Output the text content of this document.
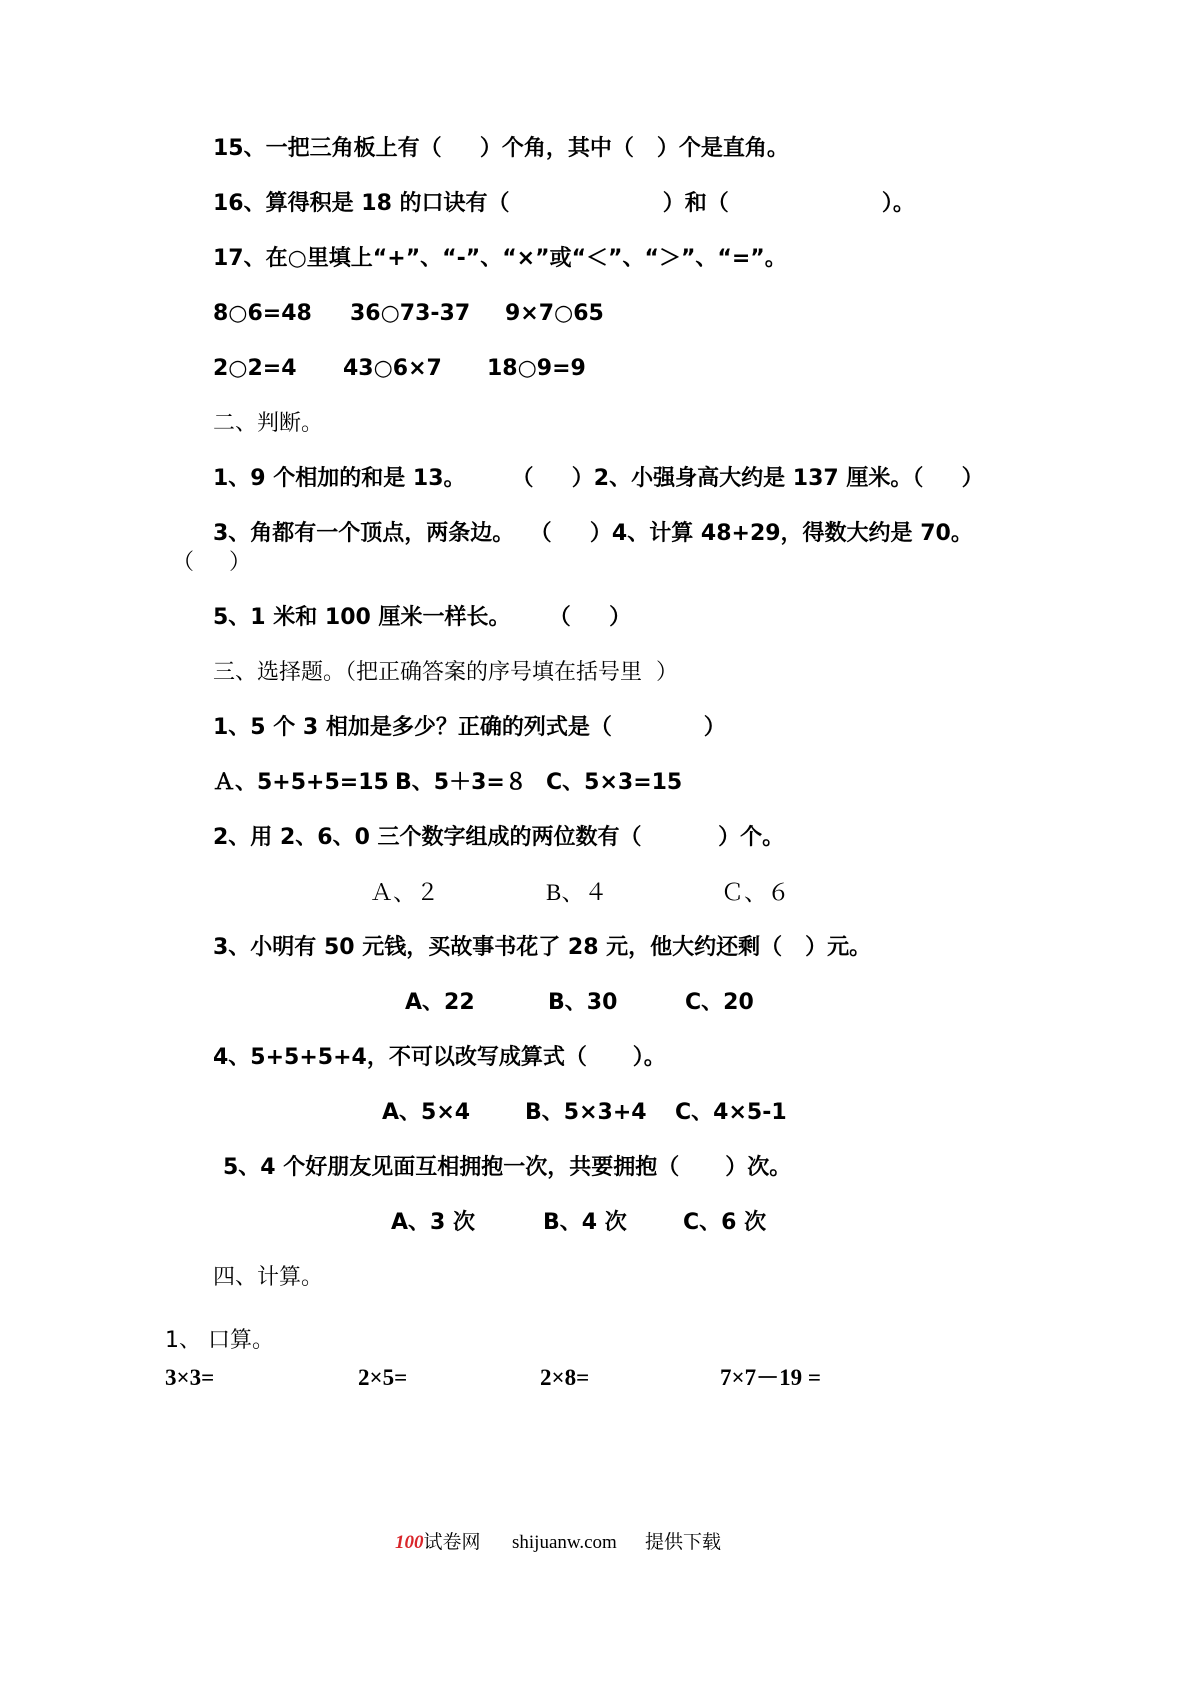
15、一把三角板上有（     ）个角，其中（   ）个是直角。
16、算得积是 18 的口诀有（                    ）和（                    ）。
17、在○里填上“+”、“-”、“×”或“＜”、“＞”、“=”。
8○6=48 36○73-37 9×7○65
2○2=4 43○6×7 18○9=9
二、判断。
1、9 个相加的和是 13。      （     ）2、小强身高大约是 137 厘米。（     ）
3、角都有一个顶点，两条边。  （     ）4、计算 48+29，得数大约是 70。
（     ）
5、1 米和 100 厘米一样长。     （     ）
三、选择题。（把正确答案的序号填在括号里  ）
1、5 个 3 相加是多少？正确的列式是（            ）
Ａ、5+5+5=15 B、5＋3=８ C、5×3=15
2、用 2、6、0 三个数字组成的两位数有（          ）个。
Ａ、２	B、４	Ｃ、６
3、小明有 50 元钱，买故事书花了 28 元，他大约还剩（   ）元。
A、22	B、30	C、20
4、5+5+5+4，不可以改写成算式（      ）。
A、5×4 B、5×3+4 C、4×5-1
5、4 个好朋友见面互相拥抱一次，共要拥抱（      ）次。
A、3 次	B、4 次	C、6 次
四、计算。
1、 口算。
3×3=	2×5=	2×8=	7×7－19 =
100试卷网 shijuanw.com 提供下载
